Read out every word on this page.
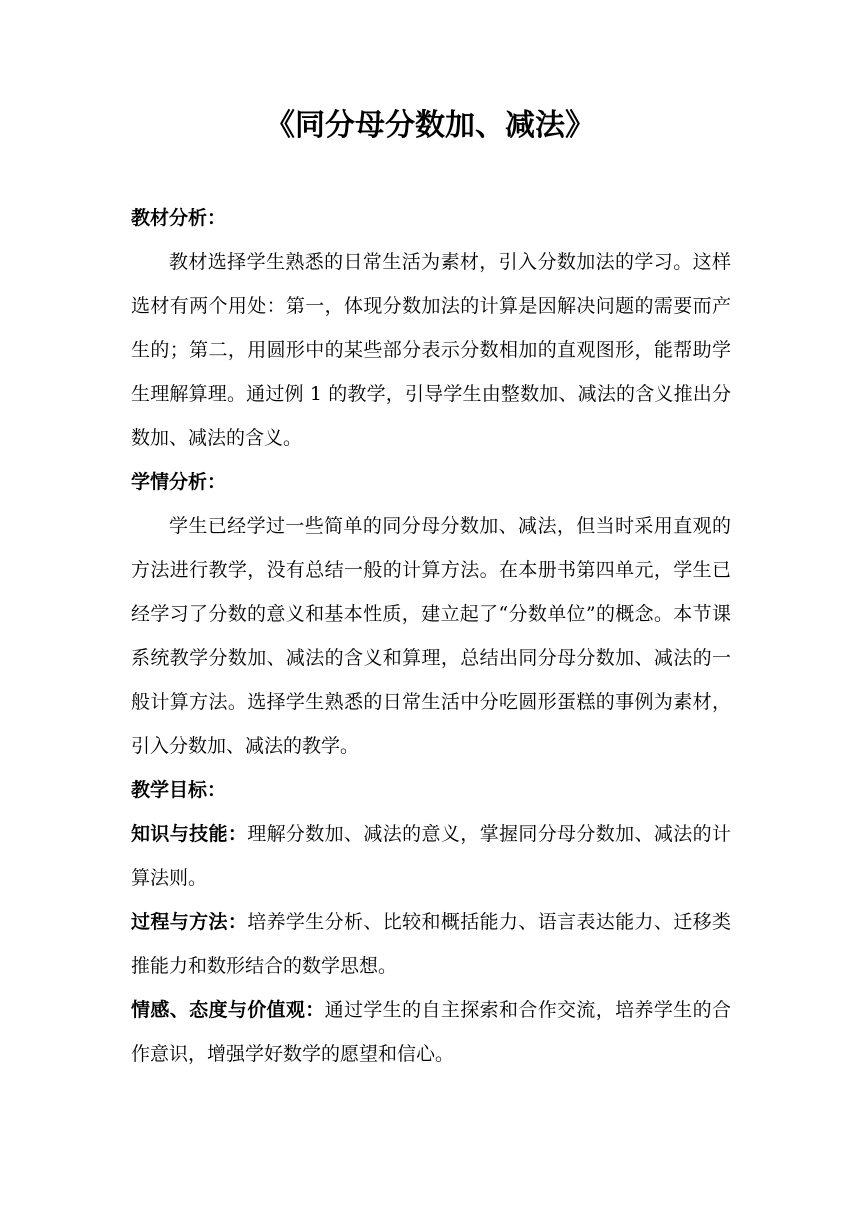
《同分母分数加、减法》

教材分析：

教材选择学生熟悉的日常生活为素材，引入分数加法的学习。这样选材有两个用处：第一，体现分数加法的计算是因解决问题的需要而产生的；第二，用圆形中的某些部分表示分数相加的直观图形，能帮助学生理解算理。通过例 1 的教学，引导学生由整数加、减法的含义推出分数加、减法的含义。

学情分析：

学生已经学过一些简单的同分母分数加、减法，但当时采用直观的方法进行教学，没有总结一般的计算方法。在本册书第四单元，学生已经学习了分数的意义和基本性质，建立起了“分数单位”的概念。本节课系统教学分数加、减法的含义和算理，总结出同分母分数加、减法的一般计算方法。选择学生熟悉的日常生活中分吃圆形蛋糕的事例为素材，引入分数加、减法的教学。

教学目标：

知识与技能：理解分数加、减法的意义，掌握同分母分数加、减法的计算法则。

过程与方法：培养学生分析、比较和概括能力、语言表达能力、迁移类推能力和数形结合的数学思想。

情感、态度与价值观：通过学生的自主探索和合作交流，培养学生的合作意识，增强学好数学的愿望和信心。
